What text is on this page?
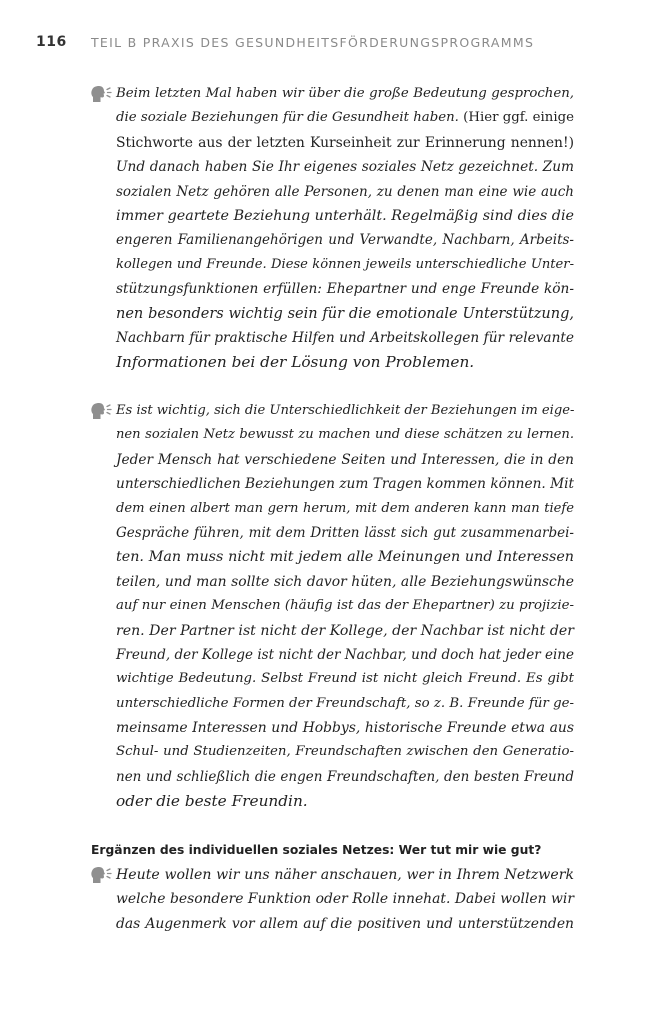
116 TEIL B PRAXIS DES GESUNDHEITSFÖRDERUNGSPROGRAMMS
Beim letzten Mal haben wir über die große Bedeutung gesprochen,
die soziale Beziehungen für die Gesundheit haben. (Hier ggf. einige
Stichworte aus der letzten Kurseinheit zur Erinnerung nennen!)
Und danach haben Sie Ihr eigenes soziales Netz gezeichnet. Zum
sozialen Netz gehören alle Personen, zu denen man eine wie auch
immer geartete Beziehung unterhält. Regelmäßig sind dies die
engeren Familienangehörigen und Verwandte, Nachbarn, Arbeits-
kollegen und Freunde. Diese können jeweils unterschiedliche Unter-
stützungsfunktionen erfüllen: Ehepartner und enge Freunde kön-
nen besonders wichtig sein für die emotionale Unterstützung,
Nachbarn für praktische Hilfen und Arbeitskollegen für relevante
Informationen bei der Lösung von Problemen.
Es ist wichtig, sich die Unterschiedlichkeit der Beziehungen im eige-
nen sozialen Netz bewusst zu machen und diese schätzen zu lernen.
Jeder Mensch hat verschiedene Seiten und Interessen, die in den
unterschiedlichen Beziehungen zum Tragen kommen können. Mit
dem einen albert man gern herum, mit dem anderen kann man tiefe
Gespräche führen, mit dem Dritten lässt sich gut zusammenarbei-
ten. Man muss nicht mit jedem alle Meinungen und Interessen
teilen, und man sollte sich davor hüten, alle Beziehungswünsche
auf nur einen Menschen (häufig ist das der Ehepartner) zu projizie-
ren. Der Partner ist nicht der Kollege, der Nachbar ist nicht der
Freund, der Kollege ist nicht der Nachbar, und doch hat jeder eine
wichtige Bedeutung. Selbst Freund ist nicht gleich Freund. Es gibt
unterschiedliche Formen der Freundschaft, so z. B. Freunde für ge-
meinsame Interessen und Hobbys, historische Freunde etwa aus
Schul- und Studienzeiten, Freundschaften zwischen den Generatio-
nen und schließlich die engen Freundschaften, den besten Freund
oder die beste Freundin.
Ergänzen des individuellen soziales Netzes: Wer tut mir wie gut?
Heute wollen wir uns näher anschauen, wer in Ihrem Netzwerk
welche besondere Funktion oder Rolle innehat. Dabei wollen wir
das Augenmerk vor allem auf die positiven und unterstützenden
